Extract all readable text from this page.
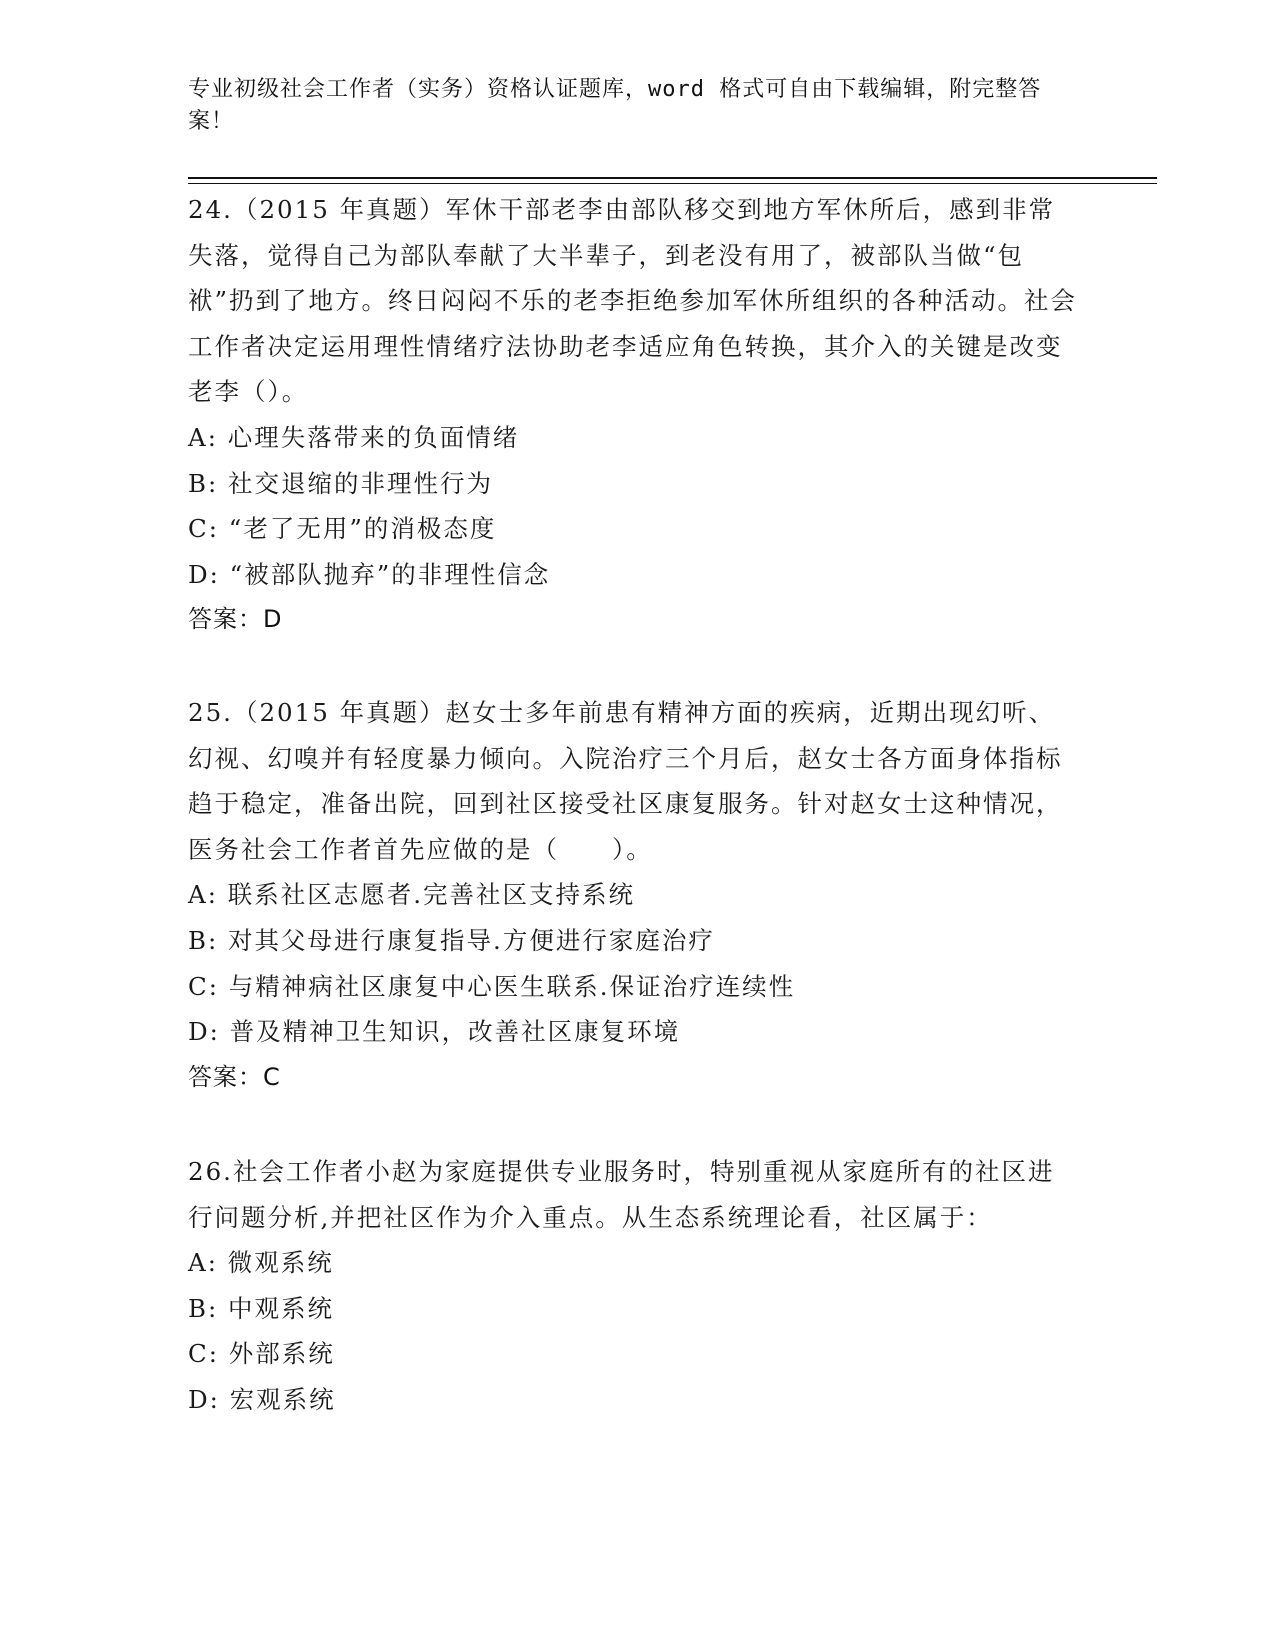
专业初级社会工作者（实务）资格认证题库，word 格式可自由下载编辑，附完整答案！
24.（2015 年真题）军休干部老李由部队移交到地方军休所后，感到非常失落，觉得自己为部队奉献了大半辈子，到老没有用了，被部队当做“包袱”扔到了地方。终日闷闷不乐的老李拒绝参加军休所组织的各种活动。社会工作者决定运用理性情绪疗法协助老李适应角色转换，其介入的关键是改变老李（）。
A: 心理失落带来的负面情绪
B: 社交退缩的非理性行为
C: “老了无用”的消极态度
D: “被部队抛弃”的非理性信念
答案：D
25.（2015 年真题）赵女士多年前患有精神方面的疾病，近期出现幻听、幻视、幻嗅并有轻度暴力倾向。入院治疗三个月后，赵女士各方面身体指标趋于稳定，准备出院，回到社区接受社区康复服务。针对赵女士这种情况，医务社会工作者首先应做的是（　　）。
A: 联系社区志愿者.完善社区支持系统
B: 对其父母进行康复指导.方便进行家庭治疗
C: 与精神病社区康复中心医生联系.保证治疗连续性
D: 普及精神卫生知识，改善社区康复环境
答案：C
26.社会工作者小赵为家庭提供专业服务时，特别重视从家庭所有的社区进行问题分析,并把社区作为介入重点。从生态系统理论看，社区属于：
A: 微观系统
B: 中观系统
C: 外部系统
D: 宏观系统
